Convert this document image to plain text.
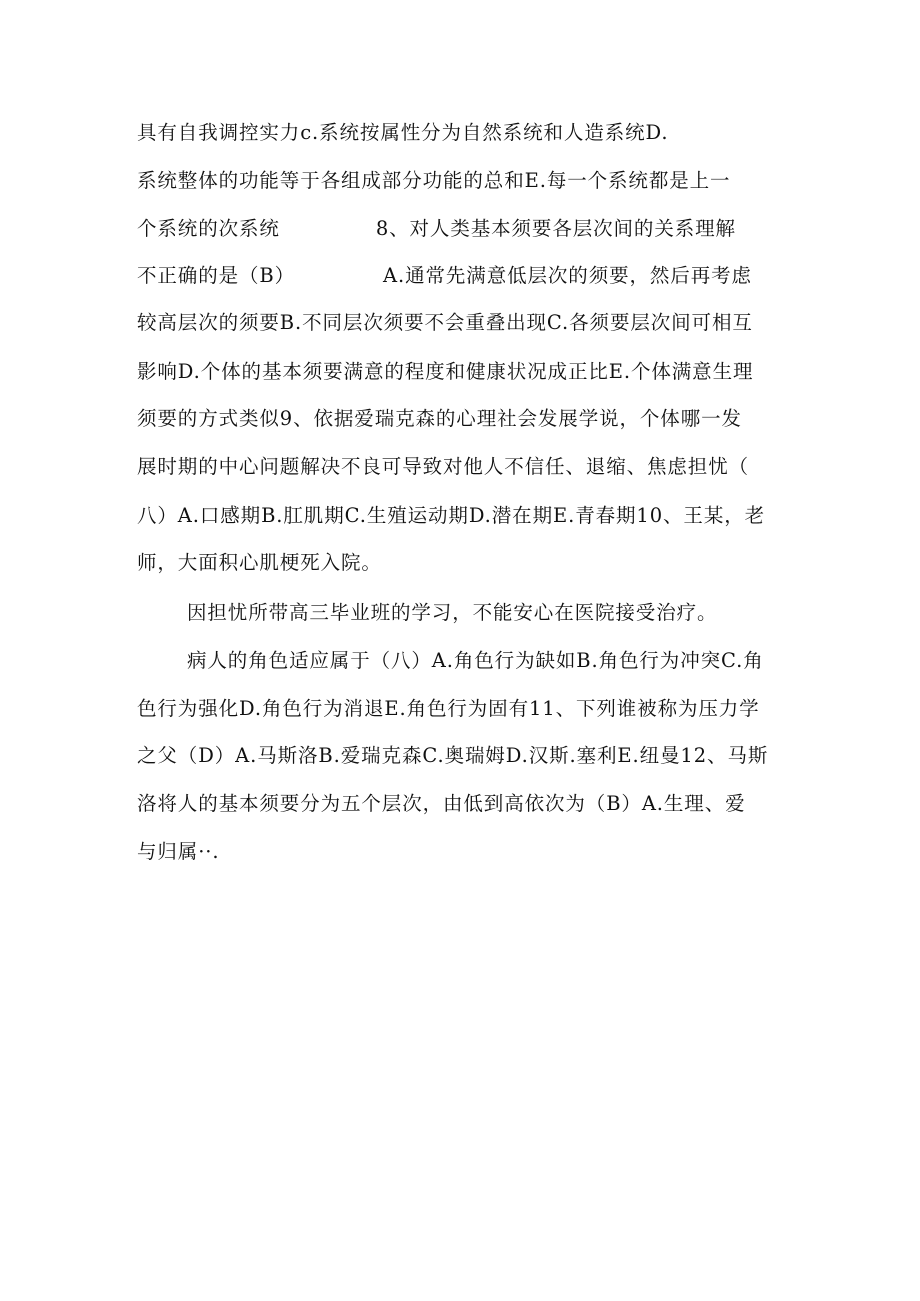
具有自我调控实力c.系统按属性分为自然系统和人造系统D.
系统整体的功能等于各组成部分功能的总和E.每一个系统都是上一
个系统的次系统	8、对人类基本须要各层次间的关系理解
不正确的是（B）	A.通常先满意低层次的须要，然后再考虑
较高层次的须要B.不同层次须要不会重叠出现C.各须要层次间可相互
影响D.个体的基本须要满意的程度和健康状况成正比E.个体满意生理
须要的方式类似9、依据爱瑞克森的心理社会发展学说，个体哪一发
展时期的中心问题解决不良可导致对他人不信任、退缩、焦虑担忧（
八）A.口感期B.肛肌期C.生殖运动期D.潜在期E.青春期10、王某，老
师，大面积心肌梗死入院。
因担忧所带高三毕业班的学习，不能安心在医院接受治疗。
病人的角色适应属于（八）A.角色行为缺如B.角色行为冲突C.角
色行为强化D.角色行为消退E.角色行为固有11、下列谁被称为压力学
之父（D）A.马斯洛B.爱瑞克森C.奥瑞姆D.汉斯.塞利E.纽曼12、马斯
洛将人的基本须要分为五个层次，由低到高依次为（B）A.生理、爱
与归属··.
